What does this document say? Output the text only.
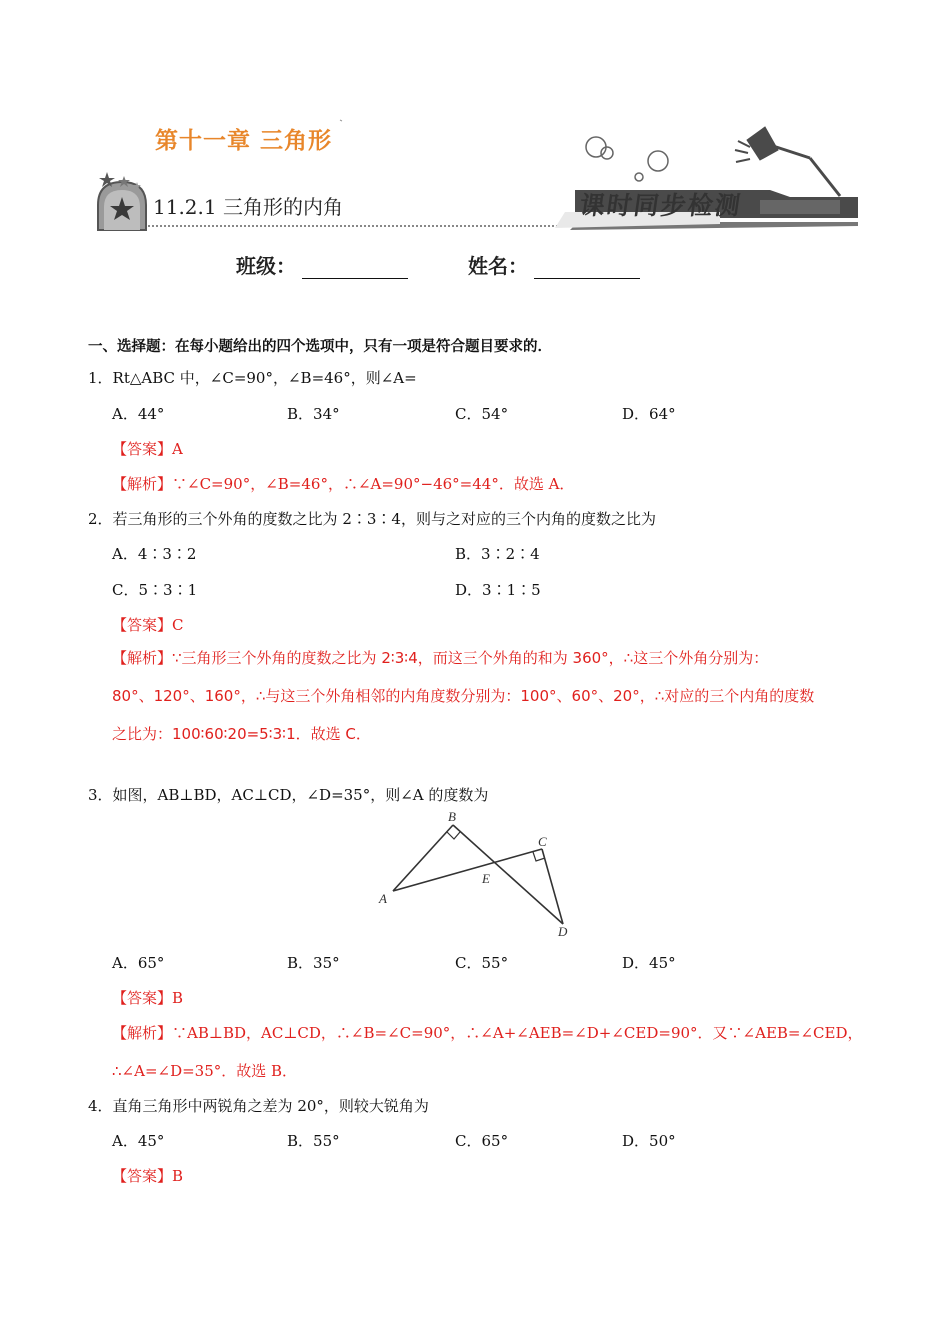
第十一章 三角形
11.2.1 三角形的内角	课时同步检测
班级：	姓名：
一、选择题：在每小题给出的四个选项中，只有一项是符合题目要求的．
1．Rt△ABC 中，∠C=90°，∠B=46°，则∠A=
A．44°	B．34°	C．54°	D．64°
【答案】A
【解析】∵∠C=90°，∠B=46°，∴∠A=90°−46°=44°．故选 A．
2．若三角形的三个外角的度数之比为 2∶3∶4，则与之对应的三个内角的度数之比为
A．4∶3∶2	B．3∶2∶4
C．5∶3∶1	D．3∶1∶5
【答案】C
【解析】∵三角形三个外角的度数之比为 2∶3∶4，而这三个外角的和为 360°，∴这三个外角分别为：
80°、120°、160°，∴与这三个外角相邻的内角度数分别为：100°、60°、20°，∴对应的三个内角的度数
之比为：100∶60∶20=5∶3∶1．故选 C．
3．如图，AB⊥BD，AC⊥CD，∠D=35°，则∠A 的度数为
A
B
C
D
E
A．65°	B．35°	C．55°	D．45°
【答案】B
【解析】∵AB⊥BD，AC⊥CD，∴∠B=∠C=90°，∴∠A+∠AEB=∠D+∠CED=90°．又∵∠AEB=∠CED，
∴∠A=∠D=35°．故选 B．
4．直角三角形中两锐角之差为 20°，则较大锐角为
A．45°	B．55°	C．65°	D．50°
【答案】B
